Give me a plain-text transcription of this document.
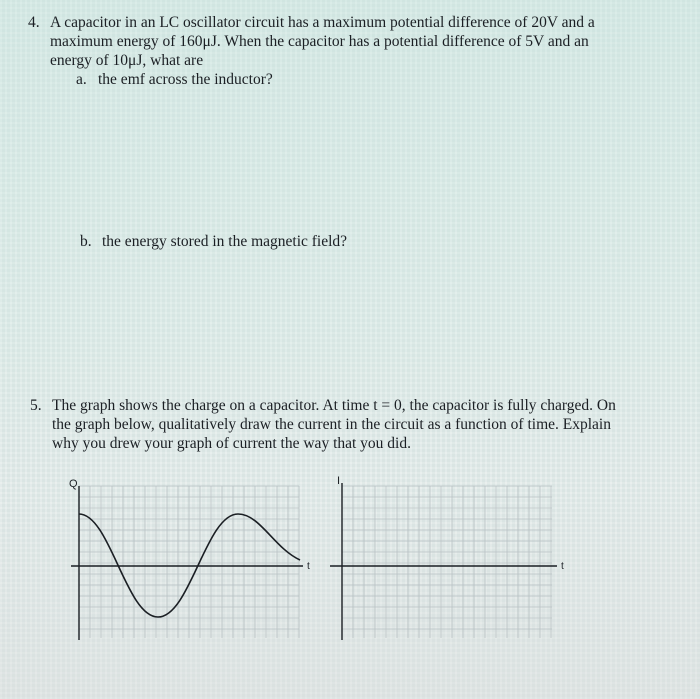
4. A capacitor in an LC oscillator circuit has a maximum potential difference of 20V and a
maximum energy of 160μJ. When the capacitor has a potential difference of 5V and an
energy of 10μJ, what are
a. the emf across the inductor?
b. the energy stored in the magnetic field?
5. The graph shows the charge on a capacitor. At time t = 0, the capacitor is fully charged. On
the graph below, qualitatively draw the current in the circuit as a function of time. Explain
why you drew your graph of current the way that you did.
Q
t
I
t
